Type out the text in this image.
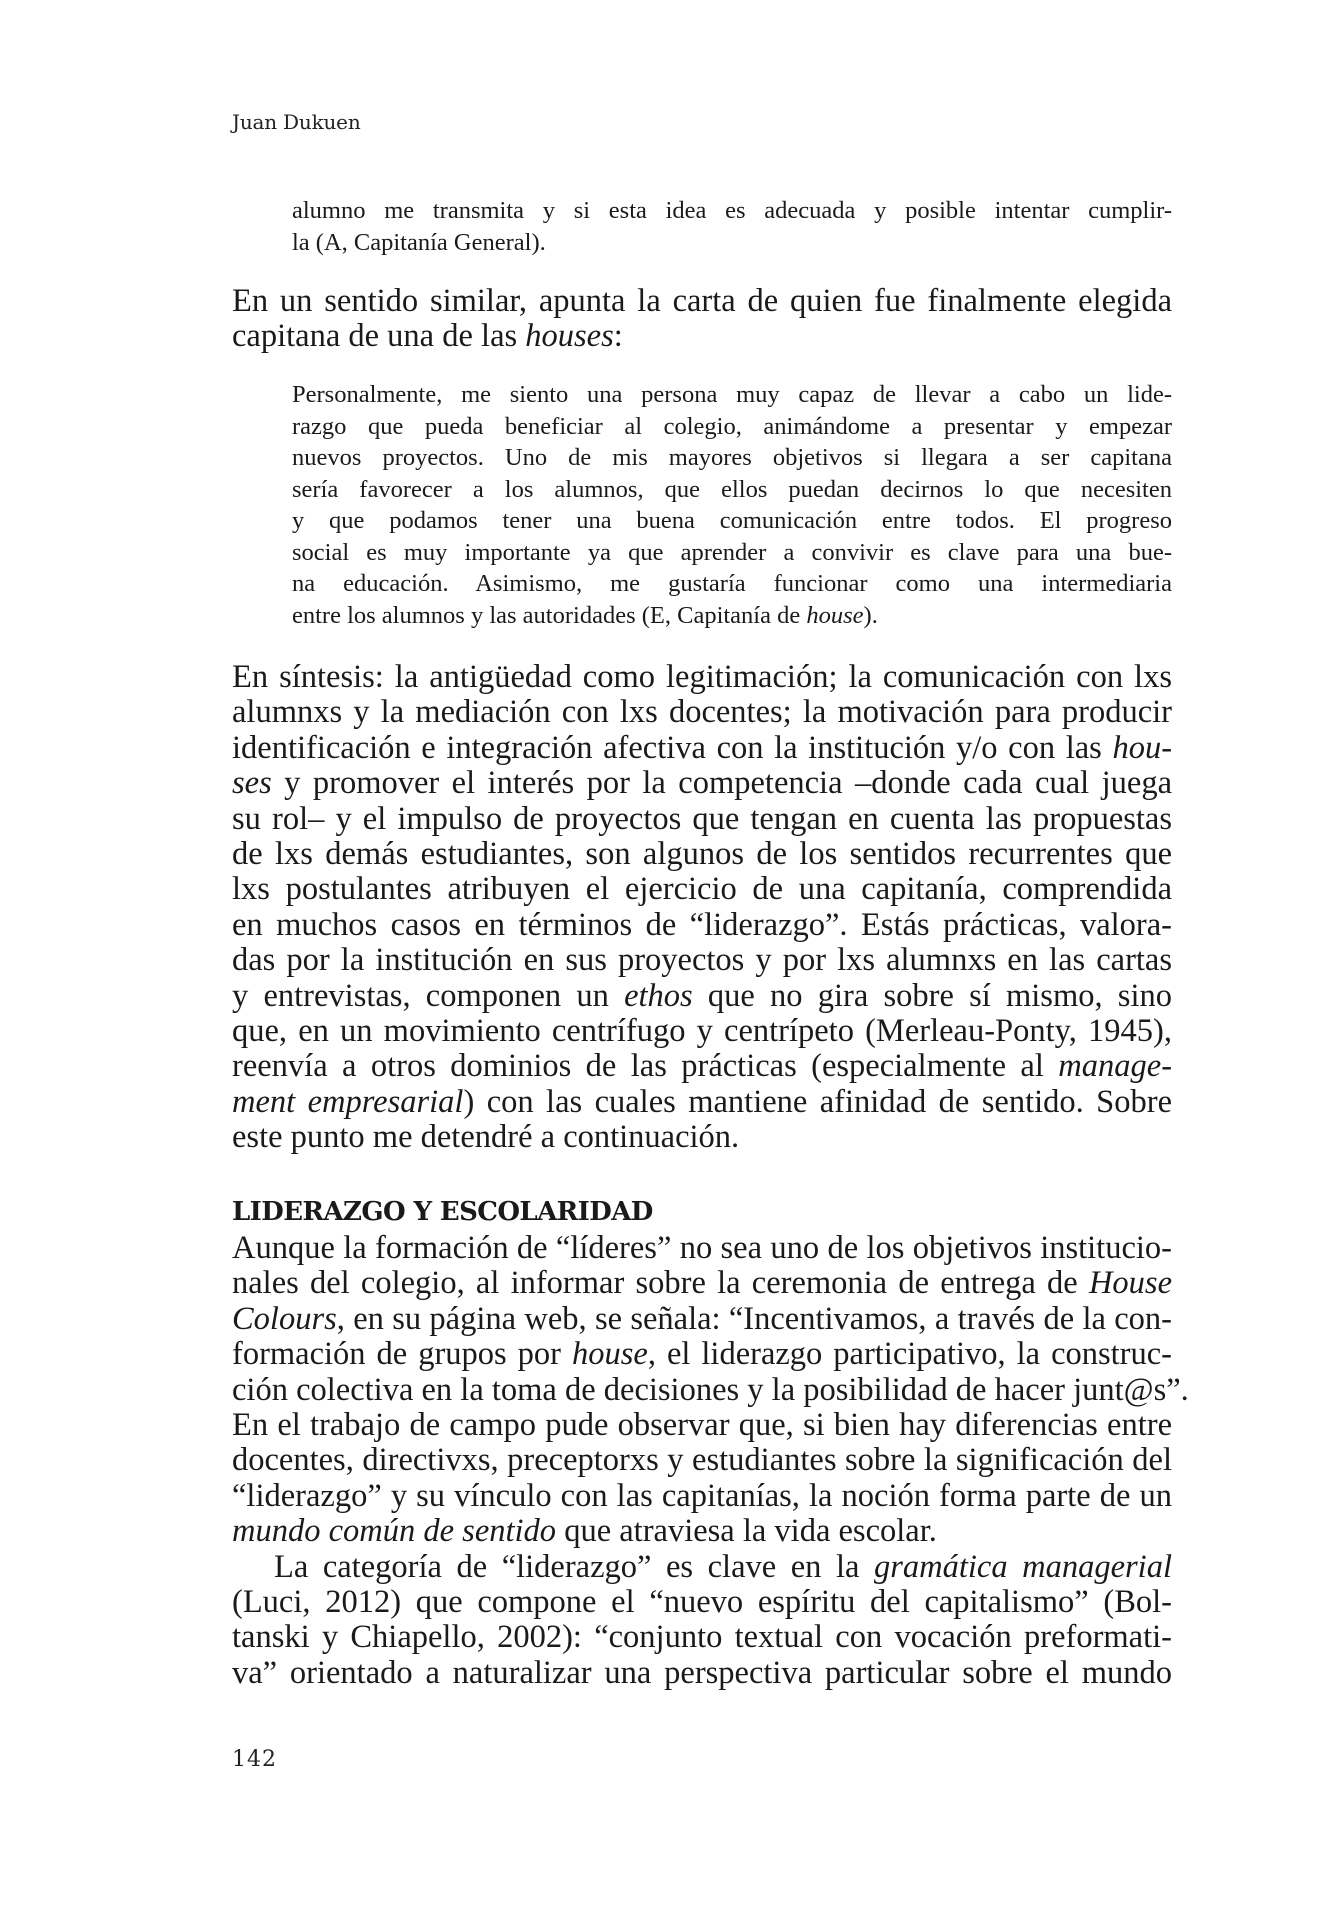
Juan Dukuen
alumno me transmita y si esta idea es adecuada y posible intentar cumplir-
la (A, Capitanía General).
En un sentido similar, apunta la carta de quien fue finalmente elegida
capitana de una de las houses:
Personalmente, me siento una persona muy capaz de llevar a cabo un lide-
razgo que pueda beneficiar al colegio, animándome a presentar y empezar
nuevos proyectos. Uno de mis mayores objetivos si llegara a ser capitana
sería favorecer a los alumnos, que ellos puedan decirnos lo que necesiten
y que podamos tener una buena comunicación entre todos. El progreso
social es muy importante ya que aprender a convivir es clave para una bue-
na educación. Asimismo, me gustaría funcionar como una intermediaria
entre los alumnos y las autoridades (E, Capitanía de house).
En síntesis: la antigüedad como legitimación; la comunicación con lxs
alumnxs y la mediación con lxs docentes; la motivación para producir
identificación e integración afectiva con la institución y/o con las hou-
ses y promover el interés por la competencia –donde cada cual juega
su rol– y el impulso de proyectos que tengan en cuenta las propuestas
de lxs demás estudiantes, son algunos de los sentidos recurrentes que
lxs postulantes atribuyen el ejercicio de una capitanía, comprendida
en muchos casos en términos de “liderazgo”. Estás prácticas, valora-
das por la institución en sus proyectos y por lxs alumnxs en las cartas
y entrevistas, componen un ethos que no gira sobre sí mismo, sino
que, en un movimiento centrífugo y centrípeto (Merleau-Ponty, 1945),
reenvía a otros dominios de las prácticas (especialmente al manage-
ment empresarial) con las cuales mantiene afinidad de sentido. Sobre
este punto me detendré a continuación.
LIDERAZGO Y ESCOLARIDAD
Aunque la formación de “líderes” no sea uno de los objetivos institucio-
nales del colegio, al informar sobre la ceremonia de entrega de House
Colours, en su página web, se señala: “Incentivamos, a través de la con-
formación de grupos por house, el liderazgo participativo, la construc-
ción colectiva en la toma de decisiones y la posibilidad de hacer junt@s”.
En el trabajo de campo pude observar que, si bien hay diferencias entre
docentes, directivxs, preceptorxs y estudiantes sobre la significación del
“liderazgo” y su vínculo con las capitanías, la noción forma parte de un
mundo común de sentido que atraviesa la vida escolar.
La categoría de “liderazgo” es clave en la gramática managerial
(Luci, 2012) que compone el “nuevo espíritu del capitalismo” (Bol-
tanski y Chiapello, 2002): “conjunto textual con vocación preformati-
va” orientado a naturalizar una perspectiva particular sobre el mundo
142
